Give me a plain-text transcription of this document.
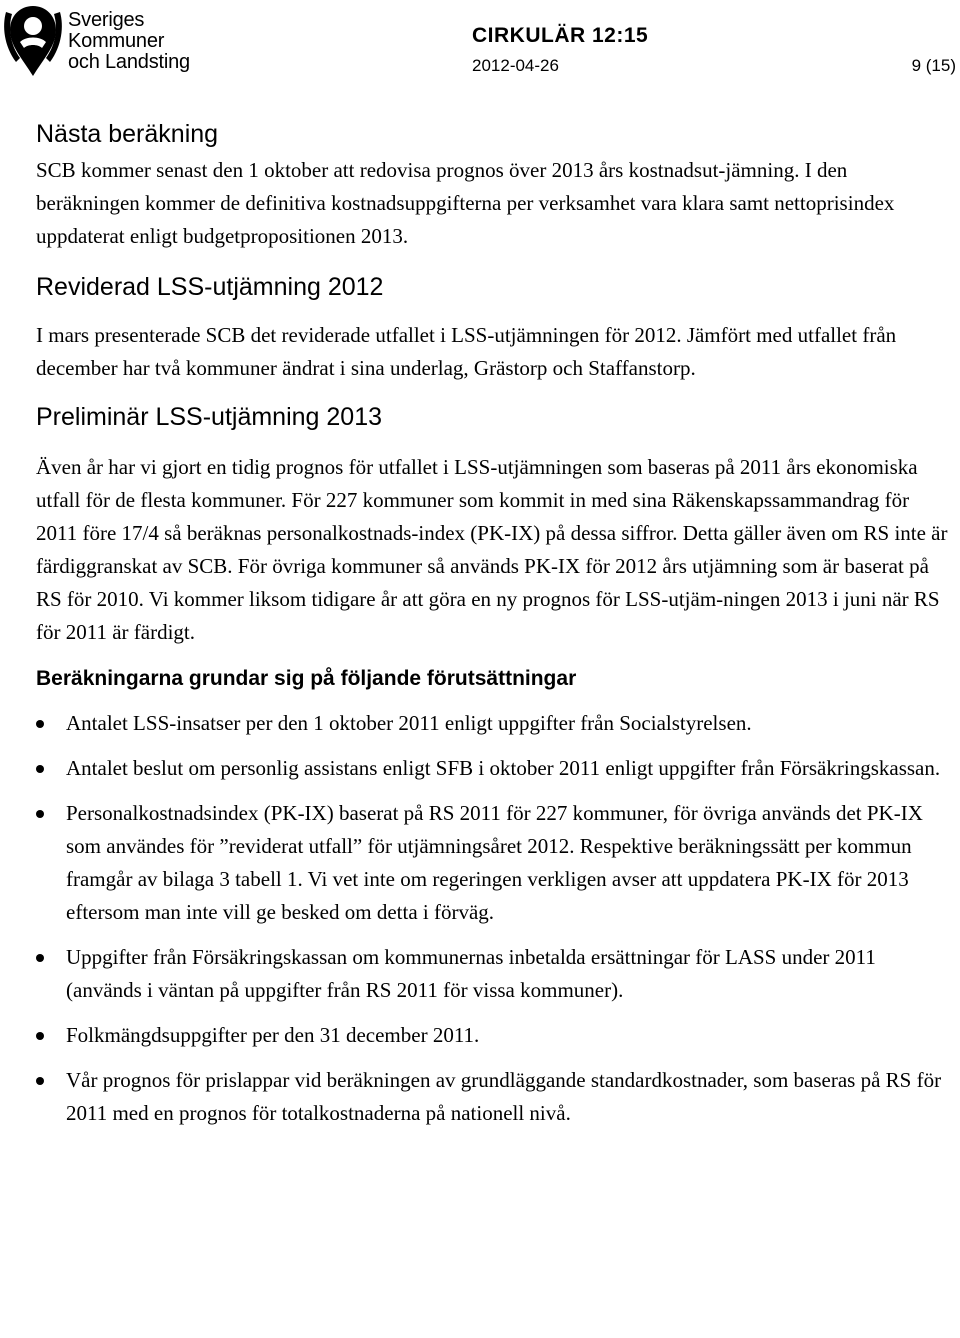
Sveriges
Kommuner
och Landsting
CIRKULÄR 12:15
2012-04-26	9 (15)
Nästa beräkning

SCB kommer senast den 1 oktober att redovisa prognos över 2013 års kostnadsut-jämning. I den beräkningen kommer de definitiva kostnadsuppgifterna per verksamhet vara klara samt nettoprisindex uppdaterat enligt budgetpropositionen 2013.

Reviderad LSS-utjämning 2012

I mars presenterade SCB det reviderade utfallet i LSS-utjämningen för 2012. Jämfört med utfallet från december har två kommuner ändrat i sina underlag, Grästorp och Staffanstorp.

Preliminär LSS-utjämning 2013

Även år har vi gjort en tidig prognos för utfallet i LSS-utjämningen som baseras på 2011 års ekonomiska utfall för de flesta kommuner. För 227 kommuner som kommit in med sina Räkenskapssammandrag för 2011 före 17/4 så beräknas personalkostnads-index (PK-IX) på dessa siffror. Detta gäller även om RS inte är färdiggranskat av SCB. För övriga kommuner så används PK-IX för 2012 års utjämning som är baserat på RS för 2010. Vi kommer liksom tidigare år att göra en ny prognos för LSS-utjäm-ningen 2013 i juni när RS för 2011 är färdigt.

Beräkningarna grundar sig på följande förutsättningar
Antalet LSS-insatser per den 1 oktober 2011 enligt uppgifter från Socialstyrelsen.
Antalet beslut om personlig assistans enligt SFB i oktober 2011 enligt uppgifter från Försäkringskassan.
Personalkostnadsindex (PK-IX) baserat på RS 2011 för 227 kommuner, för övriga används det PK-IX som användes för ”reviderat utfall” för utjämningsåret 2012. Respektive beräkningssätt per kommun framgår av bilaga 3 tabell 1. Vi vet inte om regeringen verkligen avser att uppdatera PK-IX för 2013 eftersom man inte vill ge besked om detta i förväg.
Uppgifter från Försäkringskassan om kommunernas inbetalda ersättningar för LASS under 2011 (används i väntan på uppgifter från RS 2011 för vissa kommuner).
Folkmängdsuppgifter per den 31 december 2011.
Vår prognos för prislappar vid beräkningen av grundläggande standardkostnader, som baseras på RS för 2011 med en prognos för totalkostnaderna på nationell nivå.
